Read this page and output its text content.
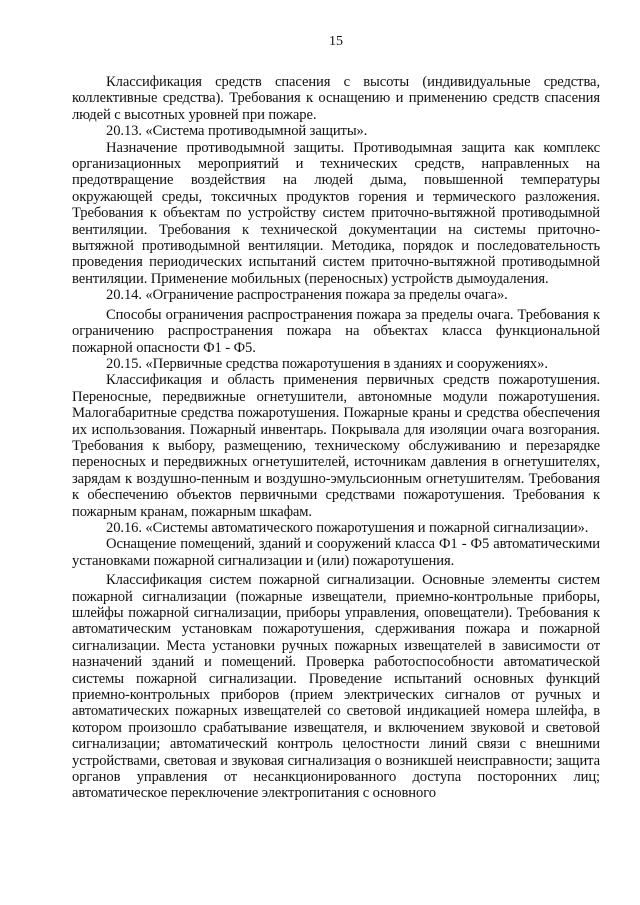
15

Классификация средств спасения с высоты (индивидуальные средства, коллективные средства). Требования к оснащению и применению средств спасения людей с высотных уровней при пожаре.

20.13. «Система противодымной защиты».

Назначение противодымной защиты. Противодымная защита как комплекс организационных мероприятий и технических средств, направленных на предотвращение воздействия на людей дыма, повышенной температуры окружающей среды, токсичных продуктов горения и термического разложения. Требования к объектам по устройству систем приточно-вытяжной противодымной вентиляции. Требования к технической документации на системы приточно-вытяжной противодымной вентиляции. Методика, порядок и последовательность проведения периодических испытаний систем приточно-вытяжной противодымной вентиляции. Применение мобильных (переносных) устройств дымоудаления.

20.14. «Ограничение распространения пожара за пределы очага».

Способы ограничения распространения пожара за пределы очага. Требования к ограничению распространения пожара на объектах класса функциональной пожарной опасности Ф1 - Ф5.

20.15. «Первичные средства пожаротушения в зданиях и сооружениях».

Классификация и область применения первичных средств пожаротушения. Переносные, передвижные огнетушители, автономные модули пожаротушения. Малогабаритные средства пожаротушения. Пожарные краны и средства обеспечения их использования. Пожарный инвентарь. Покрывала для изоляции очага возгорания. Требования к выбору, размещению, техническому обслуживанию и перезарядке переносных и передвижных огнетушителей, источникам давления в огнетушителях, зарядам к воздушно-пенным и воздушно-эмульсионным огнетушителям. Требования к обеспечению объектов первичными средствами пожаротушения. Требования к пожарным кранам, пожарным шкафам.

20.16. «Системы автоматического пожаротушения и пожарной сигнализации».

Оснащение помещений, зданий и сооружений класса Ф1 - Ф5 автоматическими установками пожарной сигнализации и (или) пожаротушения.

Классификация систем пожарной сигнализации. Основные элементы систем пожарной сигнализации (пожарные извещатели, приемно-контрольные приборы, шлейфы пожарной сигнализации, приборы управления, оповещатели). Требования к автоматическим установкам пожаротушения, сдерживания пожара и пожарной сигнализации. Места установки ручных пожарных извещателей в зависимости от назначений зданий и помещений. Проверка работоспособности автоматической системы пожарной сигнализации. Проведение испытаний основных функций приемно-контрольных приборов (прием электрических сигналов от ручных и автоматических пожарных извещателей со световой индикацией номера шлейфа, в котором произошло срабатывание извещателя, и включением звуковой и световой сигнализации; автоматический контроль целостности линий связи с внешними устройствами, световая и звуковая сигнализация о возникшей неисправности; защита органов управления от несанкционированного доступа посторонних лиц; автоматическое переключение электропитания с основного
